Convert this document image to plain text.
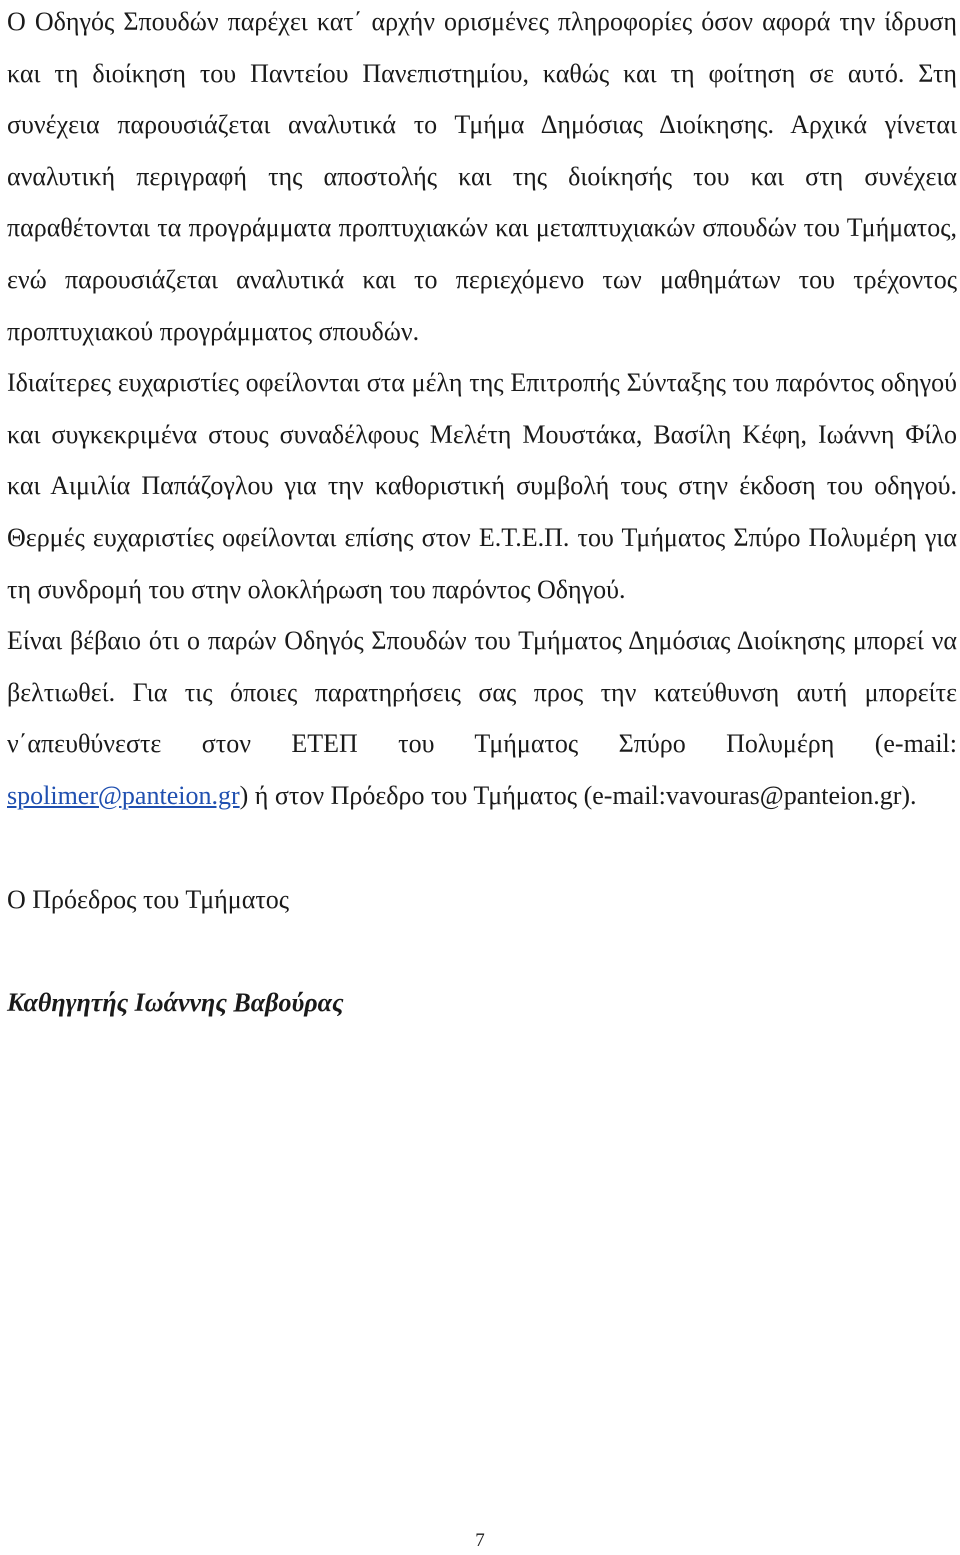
Ο Οδηγός Σπουδών παρέχει κατ΄ αρχήν ορισμένες πληροφορίες όσον αφορά την ίδρυση και τη διοίκηση του Παντείου Πανεπιστημίου, καθώς και τη φοίτηση σε αυτό. Στη συνέχεια παρουσιάζεται αναλυτικά το Τμήμα Δημόσιας Διοίκησης. Αρχικά γίνεται αναλυτική περιγραφή της αποστολής και της διοίκησής του και στη συνέχεια παραθέτονται τα προγράμματα προπτυχιακών και μεταπτυχιακών σπουδών του Τμήματος, ενώ παρουσιάζεται αναλυτικά και το περιεχόμενο των μαθημάτων του τρέχοντος προπτυχιακού προγράμματος σπουδών.

Ιδιαίτερες ευχαριστίες οφείλονται στα μέλη της Επιτροπής Σύνταξης του παρόντος οδηγού και συγκεκριμένα στους συναδέλφους Μελέτη Μουστάκα, Βασίλη Κέφη, Ιωάννη Φίλο και Αιμιλία Παπάζογλου για την καθοριστική συμβολή τους στην έκδοση του οδηγού. Θερμές ευχαριστίες οφείλονται επίσης στον Ε.Τ.Ε.Π. του Τμήματος Σπύρο Πολυμέρη για τη συνδρομή του στην ολοκλήρωση του παρόντος Οδηγού.

Είναι βέβαιο ότι ο παρών Οδηγός Σπουδών του Τμήματος Δημόσιας Διοίκησης μπορεί να βελτιωθεί. Για τις όποιες παρατηρήσεις σας προς την κατεύθυνση αυτή μπορείτε ν΄απευθύνεστε στον ΕΤΕΠ του Τμήματος Σπύρο Πολυμέρη (e-mail: spolimer@panteion.gr) ή στον Πρόεδρο του Τμήματος (e-mail:vavouras@panteion.gr).

Ο Πρόεδρος του Τμήματος
Καθηγητής Ιωάννης Βαβούρας
7
